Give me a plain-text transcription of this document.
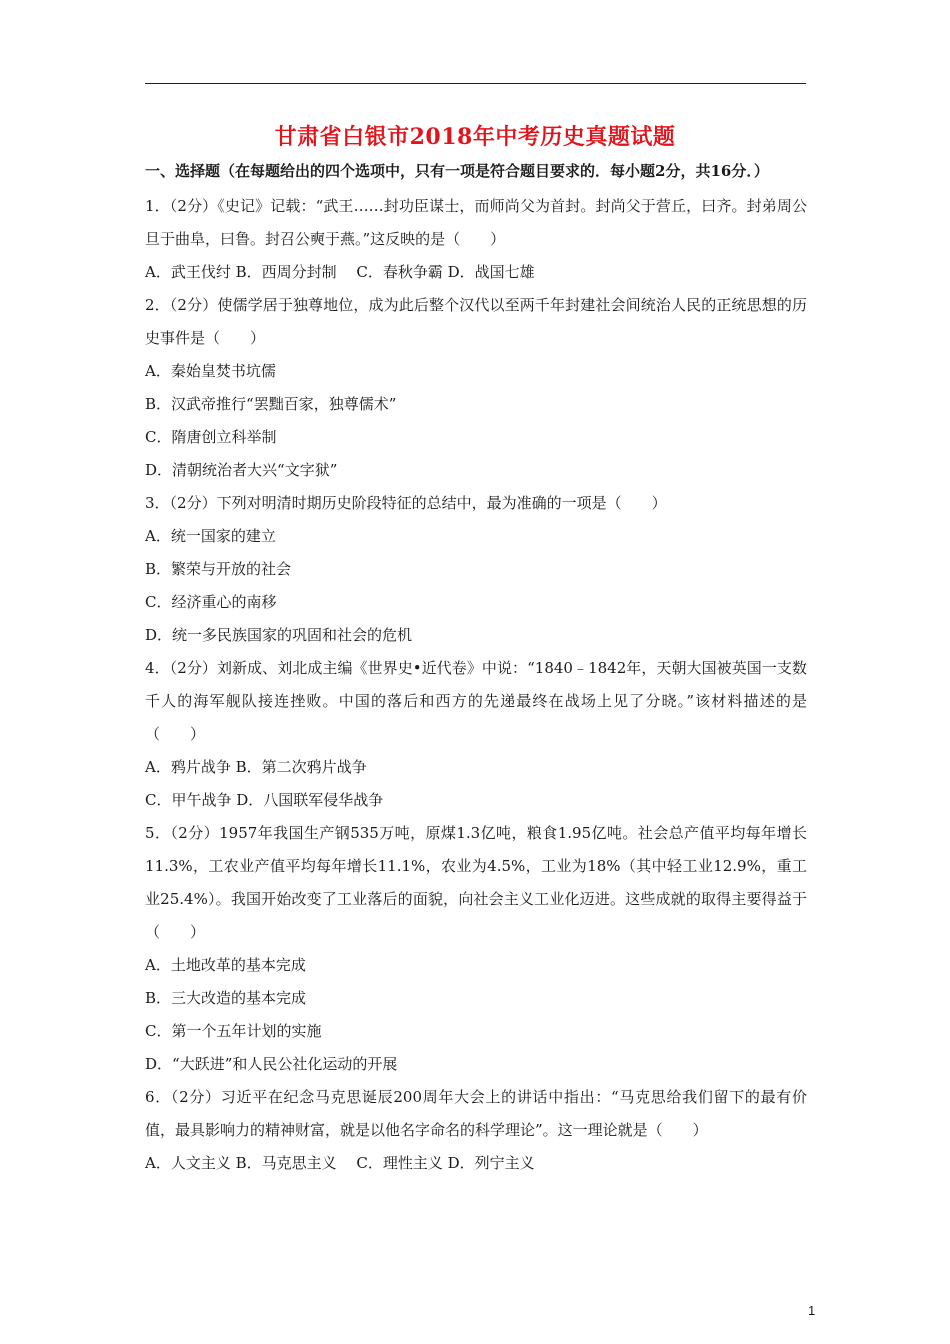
甘肃省白银市2018年中考历史真题试题
一、选择题（在每题给出的四个选项中，只有一项是符合题目要求的．每小题2分，共16分．）

1．（2分）《史记》记载：“武王……封功臣谋士，而师尚父为首封。封尚父于营丘，曰齐。封弟周公旦于曲阜，曰鲁。封召公奭于燕。”这反映的是（　　）

A．武王伐纣 B．西周分封制　 C．春秋争霸 D．战国七雄

2．（2分）使儒学居于独尊地位，成为此后整个汉代以至两千年封建社会间统治人民的正统思想的历史事件是（　　）

A．秦始皇焚书坑儒

B．汉武帝推行“罢黜百家，独尊儒术”

C．隋唐创立科举制

D．清朝统治者大兴“文字狱”

3．（2分）下列对明清时期历史阶段特征的总结中，最为准确的一项是（　　）

A．统一国家的建立

B．繁荣与开放的社会

C．经济重心的南移

D．统一多民族国家的巩固和社会的危机

4．（2分）刘新成、刘北成主编《世界史•近代卷》中说：“1840﹣1842年，天朝大国被英国一支数千人的海军舰队接连挫败。中国的落后和西方的先递最终在战场上见了分晓。”该材料描述的是（　　）

A．鸦片战争 B．第二次鸦片战争

C．甲午战争 D．八国联军侵华战争

5．（2分）1957年我国生产钢535万吨，原煤1.3亿吨，粮食1.95亿吨。社会总产值平均每年增长11.3%，工农业产值平均每年增长11.1%，农业为4.5%，工业为18%（其中轻工业12.9%，重工业25.4%）。我国开始改变了工业落后的面貌，向社会主义工业化迈进。这些成就的取得主要得益于（　　）

A．土地改革的基本完成

B．三大改造的基本完成

C．第一个五年计划的实施

D．“大跃进”和人民公社化运动的开展

6．（2分）习近平在纪念马克思诞辰200周年大会上的讲话中指出：“马克思给我们留下的最有价值，最具影响力的精神财富，就是以他名字命名的科学理论”。这一理论就是（　　）

A．人文主义 B．马克思主义　 C．理性主义 D．列宁主义

1
